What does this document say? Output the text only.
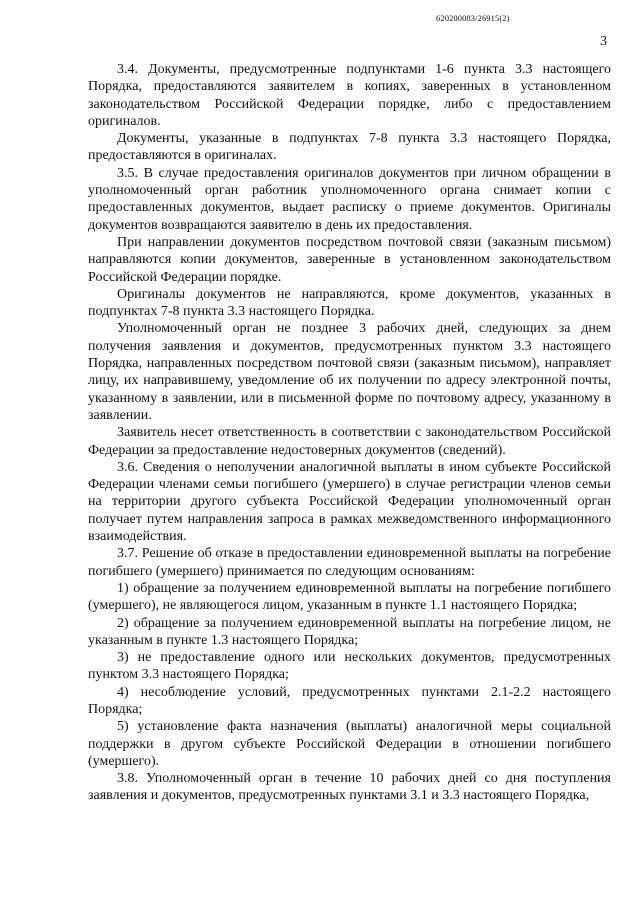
620200083/26915(2)
3

3.4. Документы, предусмотренные подпунктами 1-6 пункта 3.3 настоящего Порядка, предоставляются заявителем в копиях, заверенных в установленном законодательством Российской Федерации порядке, либо с предоставлением оригиналов.

Документы, указанные в подпунктах 7-8 пункта 3.3 настоящего Порядка, предоставляются в оригиналах.

3.5. В случае предоставления оригиналов документов при личном обращении в уполномоченный орган работник уполномоченного органа снимает копии с предоставленных документов, выдает расписку о приеме документов. Оригиналы документов возвращаются заявителю в день их предоставления.

При направлении документов посредством почтовой связи (заказным письмом) направляются копии документов, заверенные в установленном законодательством Российской Федерации порядке.

Оригиналы документов не направляются, кроме документов, указанных в подпунктах 7-8 пункта 3.3 настоящего Порядка.

Уполномоченный орган не позднее 3 рабочих дней, следующих за днем получения заявления и документов, предусмотренных пунктом 3.3 настоящего Порядка, направленных посредством почтовой связи (заказным письмом), направляет лицу, их направившему, уведомление об их получении по адресу электронной почты, указанному в заявлении, или в письменной форме по почтовому адресу, указанному в заявлении.

Заявитель несет ответственность в соответствии с законодательством Российской Федерации за предоставление недостоверных документов (сведений).

3.6. Сведения о неполучении аналогичной выплаты в ином субъекте Российской Федерации членами семьи погибшего (умершего) в случае регистрации членов семьи на территории другого субъекта Российской Федерации уполномоченный орган получает путем направления запроса в рамках межведомственного информационного взаимодействия.

3.7. Решение об отказе в предоставлении единовременной выплаты на погребение погибшего (умершего) принимается по следующим основаниям:

1) обращение за получением единовременной выплаты на погребение погибшего (умершего), не являющегося лицом, указанным в пункте 1.1 настоящего Порядка;

2) обращение за получением единовременной выплаты на погребение лицом, не указанным в пункте 1.3 настоящего Порядка;

3) не предоставление одного или нескольких документов, предусмотренных пунктом 3.3 настоящего Порядка;

4) несоблюдение условий, предусмотренных пунктами 2.1-2.2 настоящего Порядка;

5) установление факта назначения (выплаты) аналогичной меры социальной поддержки в другом субъекте Российской Федерации в отношении погибшего (умершего).

3.8. Уполномоченный орган в течение 10 рабочих дней со дня поступления заявления и документов, предусмотренных пунктами 3.1 и 3.3 настоящего Порядка,
